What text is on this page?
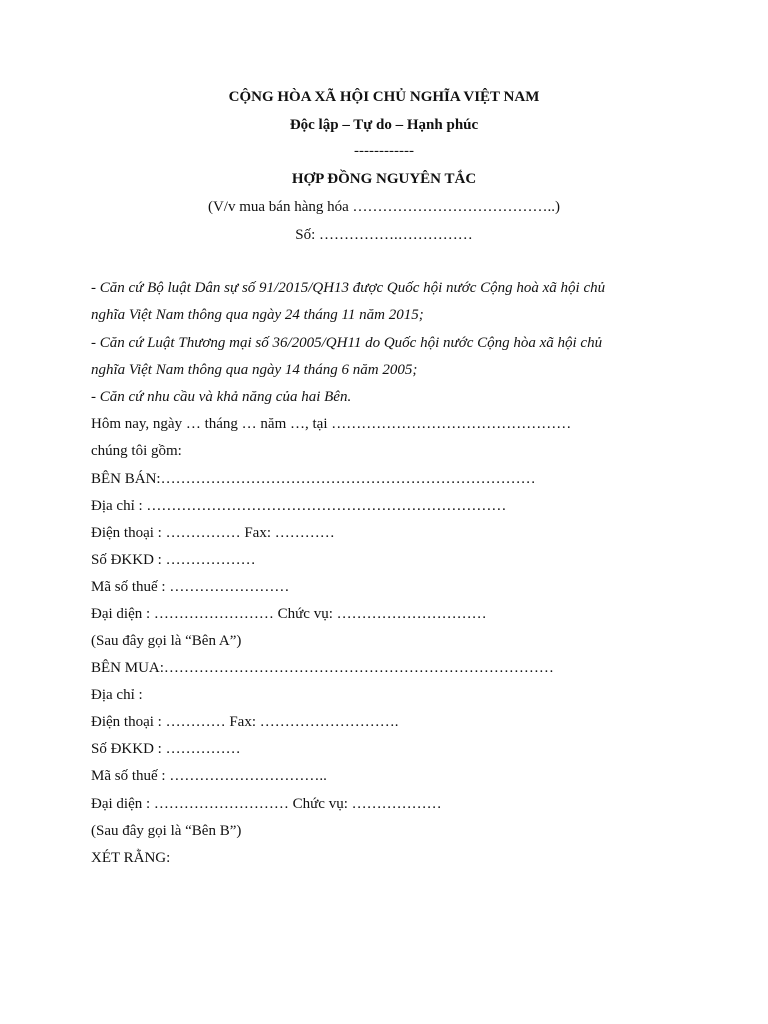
CỘNG HÒA XÃ HỘI CHỦ NGHĨA VIỆT NAM
Độc lập – Tự do – Hạnh phúc
------------
HỢP ĐỒNG NGUYÊN TẮC
(V/v mua bán hàng hóa …………………………………..)
Số: …………….……………
- Căn cứ Bộ luật Dân sự số 91/2015/QH13 được Quốc hội nước Cộng hoà xã hội chủ
nghĩa Việt Nam thông qua ngày 24 tháng 11 năm 2015;
- Căn cứ Luật Thương mại số 36/2005/QH11 do Quốc hội nước Cộng hòa xã hội chủ
nghĩa Việt Nam thông qua ngày 14 tháng 6 năm 2005;
- Căn cứ nhu cầu và khả năng của hai Bên.
Hôm nay, ngày … tháng … năm …, tại …………………………………………
chúng tôi gồm:
BÊN BÁN:…………………………………………………………………
Địa chỉ : ………………………………………………………………
Điện thoại : …………… Fax: …………
Số ĐKKD : ………………
Mã số thuế : ……………………
Đại diện : …………………… Chức vụ: …………………………
(Sau đây gọi là “Bên A”)
BÊN MUA:……………………………………………………………………
Địa chỉ :
Điện thoại : ………… Fax: ……………………….
Số ĐKKD : ……………
Mã số thuế : …………………………..
Đại diện : ……………………… Chức vụ: ………………
(Sau đây gọi là “Bên B”)
XÉT RẰNG:
